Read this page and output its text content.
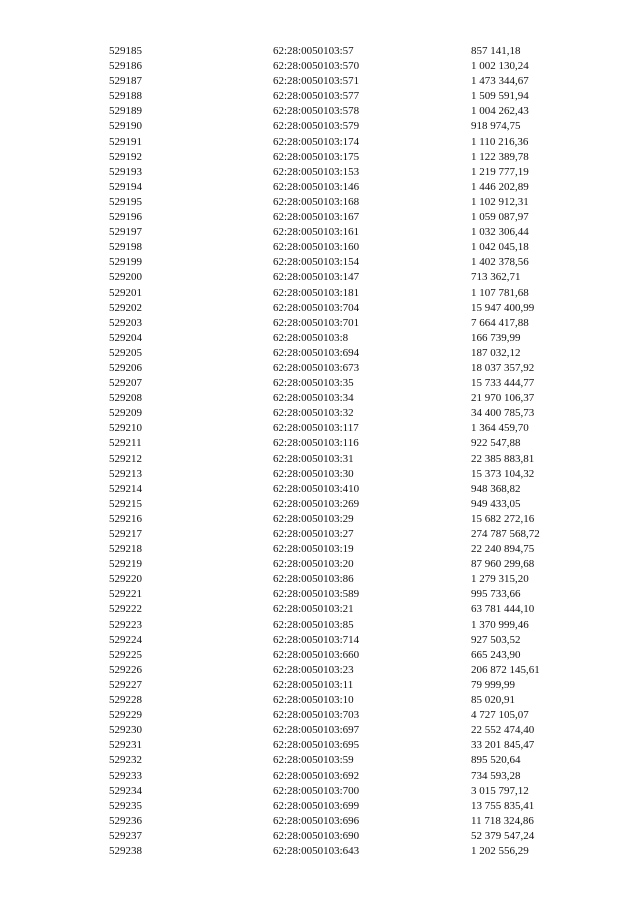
529185	62:28:0050103:57	857 141,18
529186	62:28:0050103:570	1 002 130,24
529187	62:28:0050103:571	1 473 344,67
529188	62:28:0050103:577	1 509 591,94
529189	62:28:0050103:578	1 004 262,43
529190	62:28:0050103:579	918 974,75
529191	62:28:0050103:174	1 110 216,36
529192	62:28:0050103:175	1 122 389,78
529193	62:28:0050103:153	1 219 777,19
529194	62:28:0050103:146	1 446 202,89
529195	62:28:0050103:168	1 102 912,31
529196	62:28:0050103:167	1 059 087,97
529197	62:28:0050103:161	1 032 306,44
529198	62:28:0050103:160	1 042 045,18
529199	62:28:0050103:154	1 402 378,56
529200	62:28:0050103:147	713 362,71
529201	62:28:0050103:181	1 107 781,68
529202	62:28:0050103:704	15 947 400,99
529203	62:28:0050103:701	7 664 417,88
529204	62:28:0050103:8	166 739,99
529205	62:28:0050103:694	187 032,12
529206	62:28:0050103:673	18 037 357,92
529207	62:28:0050103:35	15 733 444,77
529208	62:28:0050103:34	21 970 106,37
529209	62:28:0050103:32	34 400 785,73
529210	62:28:0050103:117	1 364 459,70
529211	62:28:0050103:116	922 547,88
529212	62:28:0050103:31	22 385 883,81
529213	62:28:0050103:30	15 373 104,32
529214	62:28:0050103:410	948 368,82
529215	62:28:0050103:269	949 433,05
529216	62:28:0050103:29	15 682 272,16
529217	62:28:0050103:27	274 787 568,72
529218	62:28:0050103:19	22 240 894,75
529219	62:28:0050103:20	87 960 299,68
529220	62:28:0050103:86	1 279 315,20
529221	62:28:0050103:589	995 733,66
529222	62:28:0050103:21	63 781 444,10
529223	62:28:0050103:85	1 370 999,46
529224	62:28:0050103:714	927 503,52
529225	62:28:0050103:660	665 243,90
529226	62:28:0050103:23	206 872 145,61
529227	62:28:0050103:11	79 999,99
529228	62:28:0050103:10	85 020,91
529229	62:28:0050103:703	4 727 105,07
529230	62:28:0050103:697	22 552 474,40
529231	62:28:0050103:695	33 201 845,47
529232	62:28:0050103:59	895 520,64
529233	62:28:0050103:692	734 593,28
529234	62:28:0050103:700	3 015 797,12
529235	62:28:0050103:699	13 755 835,41
529236	62:28:0050103:696	11 718 324,86
529237	62:28:0050103:690	52 379 547,24
529238	62:28:0050103:643	1 202 556,29
